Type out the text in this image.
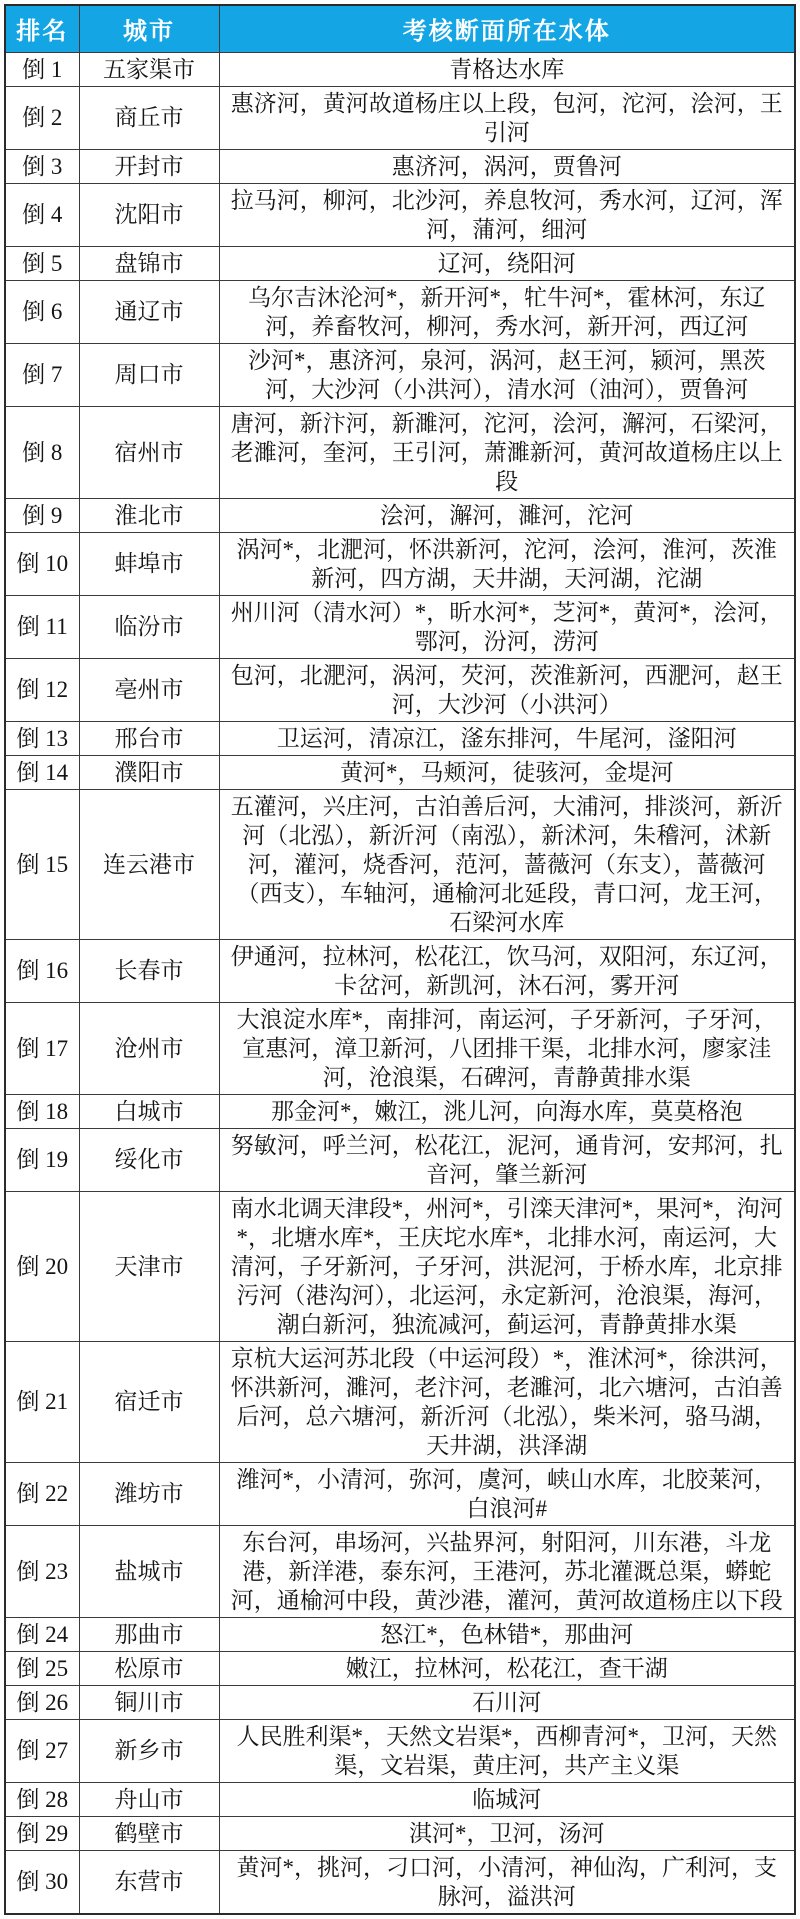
排名	城市	考核断面所在水体
倒 1	五家渠市	青格达水库
倒 2	商丘市	惠济河，黄河故道杨庄以上段，包河，沱河，浍河，王引河
倒 3	开封市	惠济河，涡河，贾鲁河
倒 4	沈阳市	拉马河，柳河，北沙河，养息牧河，秀水河，辽河，浑河，蒲河，细河
倒 5	盘锦市	辽河，绕阳河
倒 6	通辽市	乌尔吉沐沦河*，新开河*，牤牛河*，霍林河，东辽河，养畜牧河，柳河，秀水河，新开河，西辽河
倒 7	周口市	沙河*，惠济河，泉河，涡河，赵王河，颍河，黑茨河，大沙河（小洪河），清水河（油河），贾鲁河
倒 8	宿州市	唐河，新汴河，新濉河，沱河，浍河，澥河，石梁河，老濉河，奎河，王引河，萧濉新河，黄河故道杨庄以上段
倒 9	淮北市	浍河，澥河，濉河，沱河
倒 10	蚌埠市	涡河*，北淝河，怀洪新河，沱河，浍河，淮河，茨淮新河，四方湖，天井湖，天河湖，沱湖
倒 11	临汾市	州川河（清水河）*，昕水河*，芝河*，黄河*，浍河，鄂河，汾河，涝河
倒 12	亳州市	包河，北淝河，涡河，芡河，茨淮新河，西淝河，赵王河，大沙河（小洪河）
倒 13	邢台市	卫运河，清凉江，滏东排河，牛尾河，滏阳河
倒 14	濮阳市	黄河*，马颊河，徒骇河，金堤河
倒 15	连云港市	五灌河，兴庄河，古泊善后河，大浦河，排淡河，新沂河（北泓），新沂河（南泓），新沭河，朱稽河，沭新河，灌河，烧香河，范河，蔷薇河（东支），蔷薇河（西支），车轴河，通榆河北延段，青口河，龙王河，石梁河水库
倒 16	长春市	伊通河，拉林河，松花江，饮马河，双阳河，东辽河，卡岔河，新凯河，沐石河，雾开河
倒 17	沧州市	大浪淀水库*，南排河，南运河，子牙新河，子牙河，宣惠河，漳卫新河，八团排干渠，北排水河，廖家洼河，沧浪渠，石碑河，青静黄排水渠
倒 18	白城市	那金河*，嫩江，洮儿河，向海水库，莫莫格泡
倒 19	绥化市	努敏河，呼兰河，松花江，泥河，通肯河，安邦河，扎音河，肇兰新河
倒 20	天津市	南水北调天津段*，州河*，引滦天津河*，果河*，泃河*，北塘水库*，王庆坨水库*，北排水河，南运河，大清河，子牙新河，子牙河，洪泥河，于桥水库，北京排污河（港沟河），北运河，永定新河，沧浪渠，海河，潮白新河，独流减河，蓟运河，青静黄排水渠
倒 21	宿迁市	京杭大运河苏北段（中运河段）*，淮沭河*，徐洪河，怀洪新河，濉河，老汴河，老濉河，北六塘河，古泊善后河，总六塘河，新沂河（北泓），柴米河，骆马湖，天井湖，洪泽湖
倒 22	潍坊市	潍河*，小清河，弥河，虞河，峡山水库，北胶莱河，白浪河#
倒 23	盐城市	东台河，串场河，兴盐界河，射阳河，川东港，斗龙港，新洋港，泰东河，王港河，苏北灌溉总渠，蟒蛇河，通榆河中段，黄沙港，灌河，黄河故道杨庄以下段
倒 24	那曲市	怒江*，色林错*，那曲河
倒 25	松原市	嫩江，拉林河，松花江，查干湖
倒 26	铜川市	石川河
倒 27	新乡市	人民胜利渠*，天然文岩渠*，西柳青河*，卫河，天然渠，文岩渠，黄庄河，共产主义渠
倒 28	舟山市	临城河
倒 29	鹤壁市	淇河*，卫河，汤河
倒 30	东营市	黄河*，挑河，刁口河，小清河，神仙沟，广利河，支脉河，溢洪河
